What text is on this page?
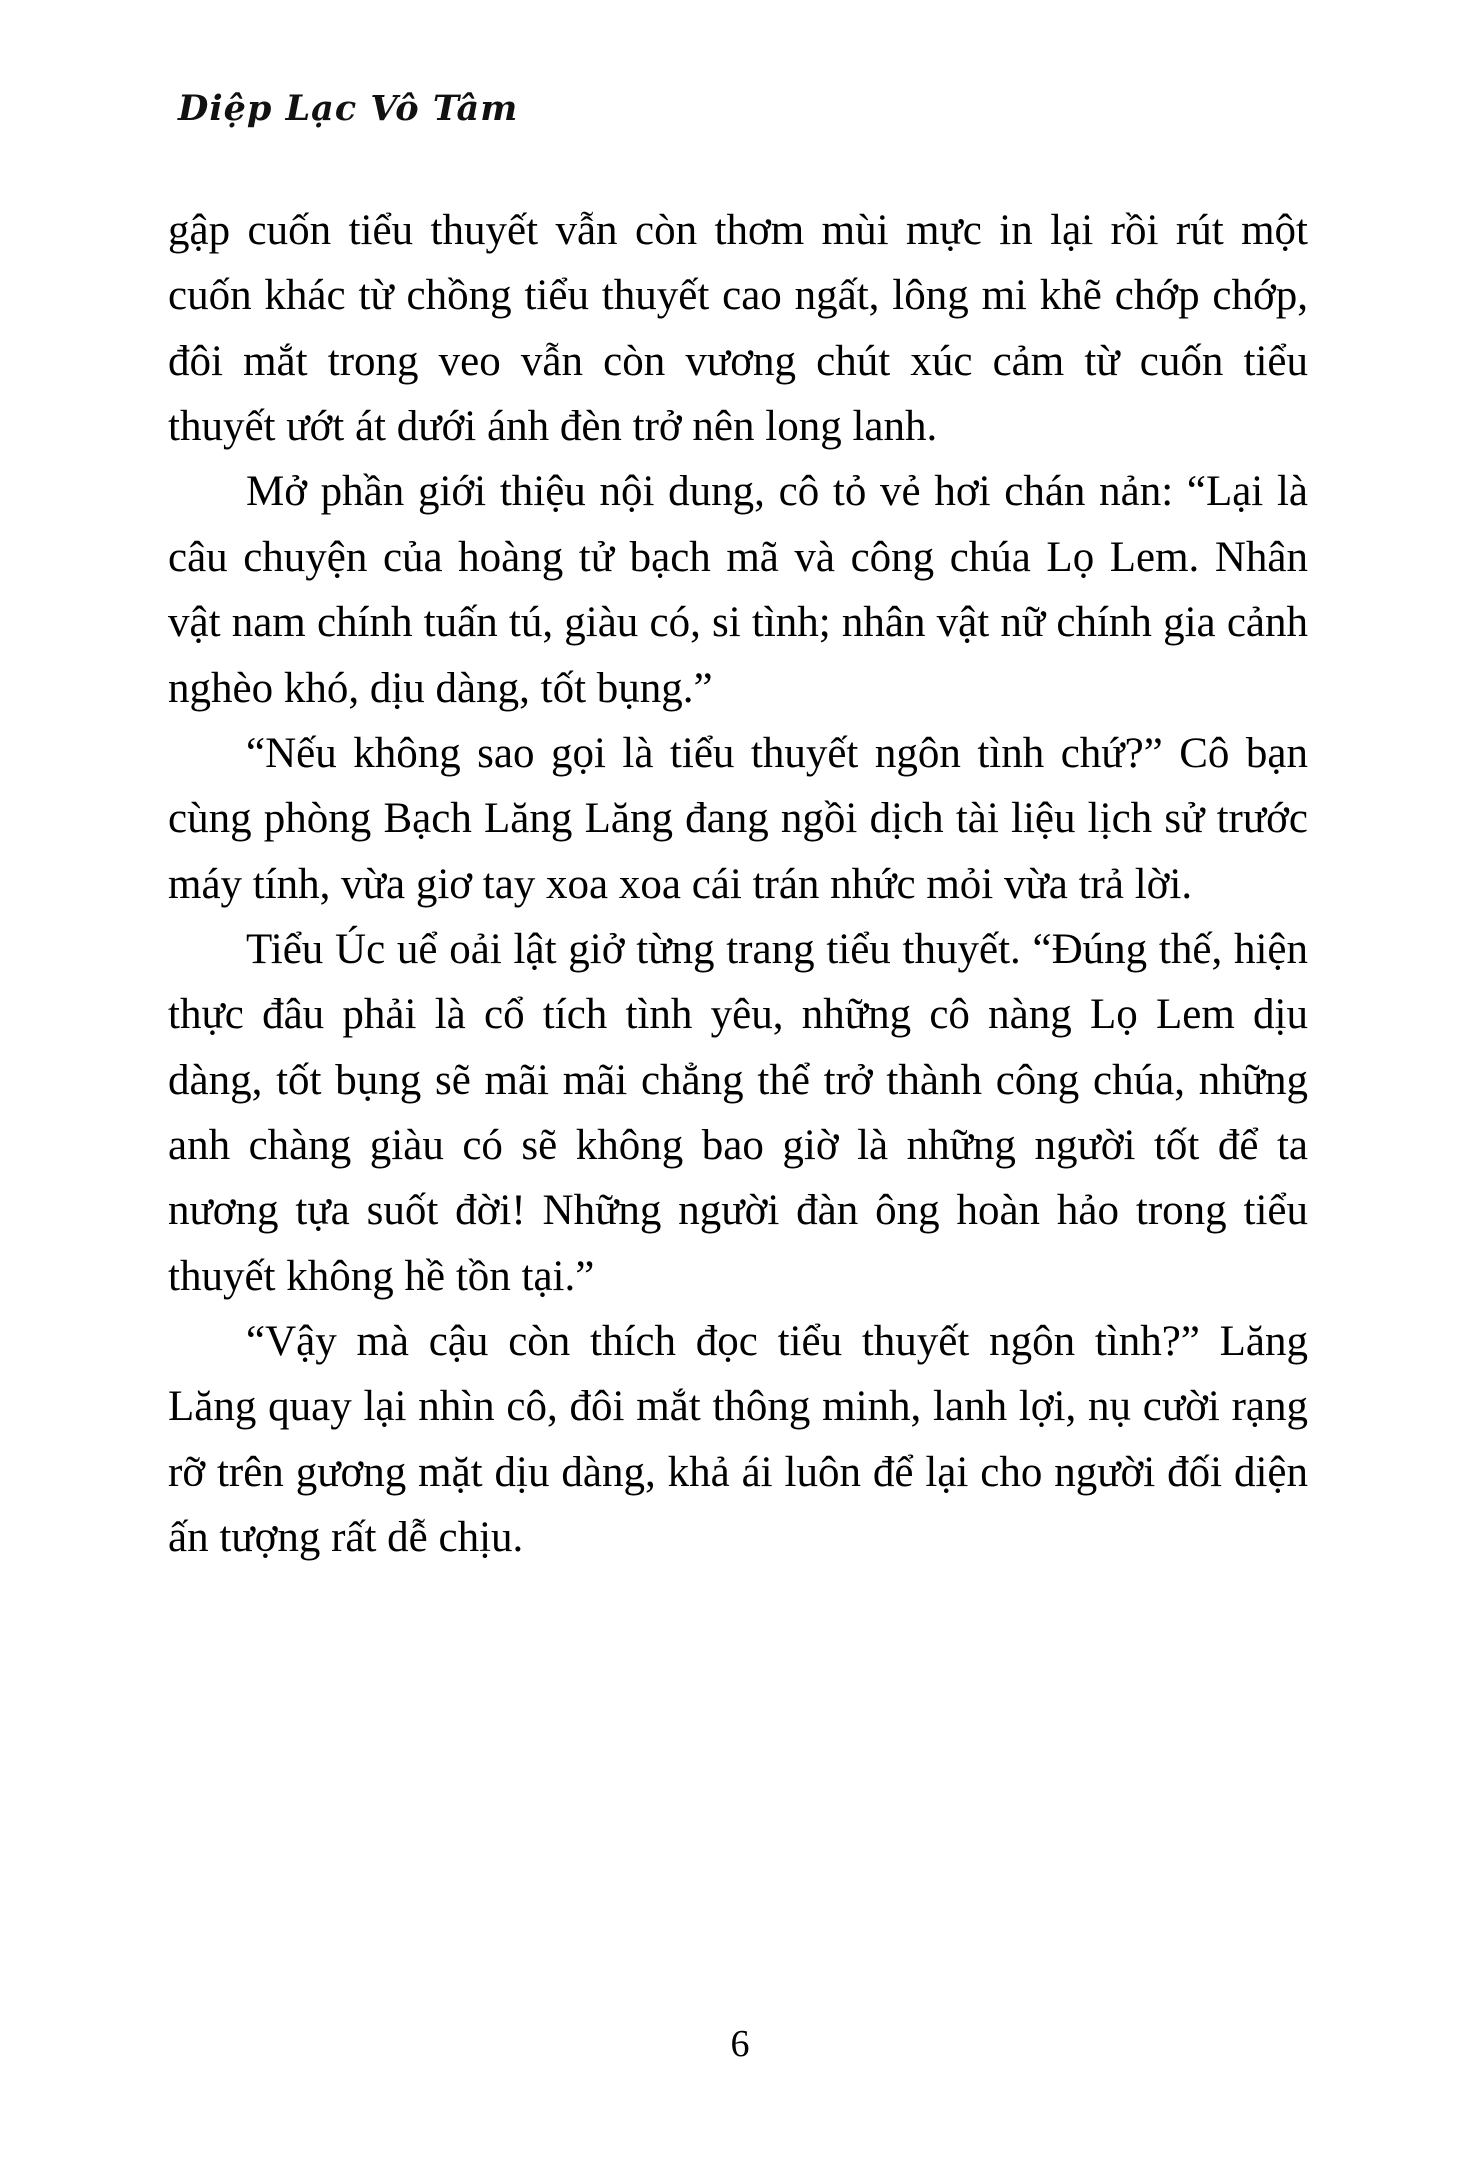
Diệp Lạc Vô Tâm

gập cuốn tiểu thuyết vẫn còn thơm mùi mực in lại rồi rút một cuốn khác từ chồng tiểu thuyết cao ngất, lông mi khẽ chớp chớp, đôi mắt trong veo vẫn còn vương chút xúc cảm từ cuốn tiểu thuyết ướt át dưới ánh đèn trở nên long lanh.

Mở phần giới thiệu nội dung, cô tỏ vẻ hơi chán nản: “Lại là câu chuyện của hoàng tử bạch mã và công chúa Lọ Lem. Nhân vật nam chính tuấn tú, giàu có, si tình; nhân vật nữ chính gia cảnh nghèo khó, dịu dàng, tốt bụng.”

“Nếu không sao gọi là tiểu thuyết ngôn tình chứ?” Cô bạn cùng phòng Bạch Lăng Lăng đang ngồi dịch tài liệu lịch sử trước máy tính, vừa giơ tay xoa xoa cái trán nhức mỏi vừa trả lời.

Tiểu Úc uể oải lật giở từng trang tiểu thuyết. “Đúng thế, hiện thực đâu phải là cổ tích tình yêu, những cô nàng Lọ Lem dịu dàng, tốt bụng sẽ mãi mãi chẳng thể trở thành công chúa, những anh chàng giàu có sẽ không bao giờ là những người tốt để ta nương tựa suốt đời! Những người đàn ông hoàn hảo trong tiểu thuyết không hề tồn tại.”

“Vậy mà cậu còn thích đọc tiểu thuyết ngôn tình?” Lăng Lăng quay lại nhìn cô, đôi mắt thông minh, lanh lợi, nụ cười rạng rỡ trên gương mặt dịu dàng, khả ái luôn để lại cho người đối diện ấn tượng rất dễ chịu.

6
